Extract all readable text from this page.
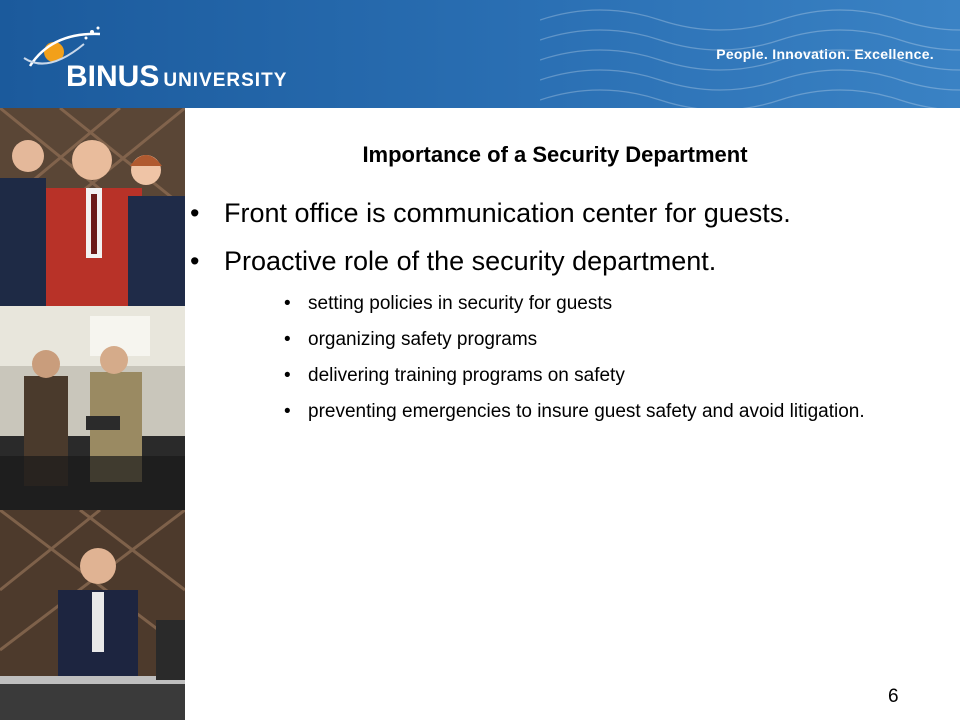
BINUS UNIVERSITY
People. Innovation. Excellence.
Importance of a Security Department
• Front office is communication center for guests.
• Proactive role of the security department.
• setting policies in security for guests
• organizing safety programs
• delivering training programs on safety
• preventing emergencies to insure guest safety and avoid litigation.
6
